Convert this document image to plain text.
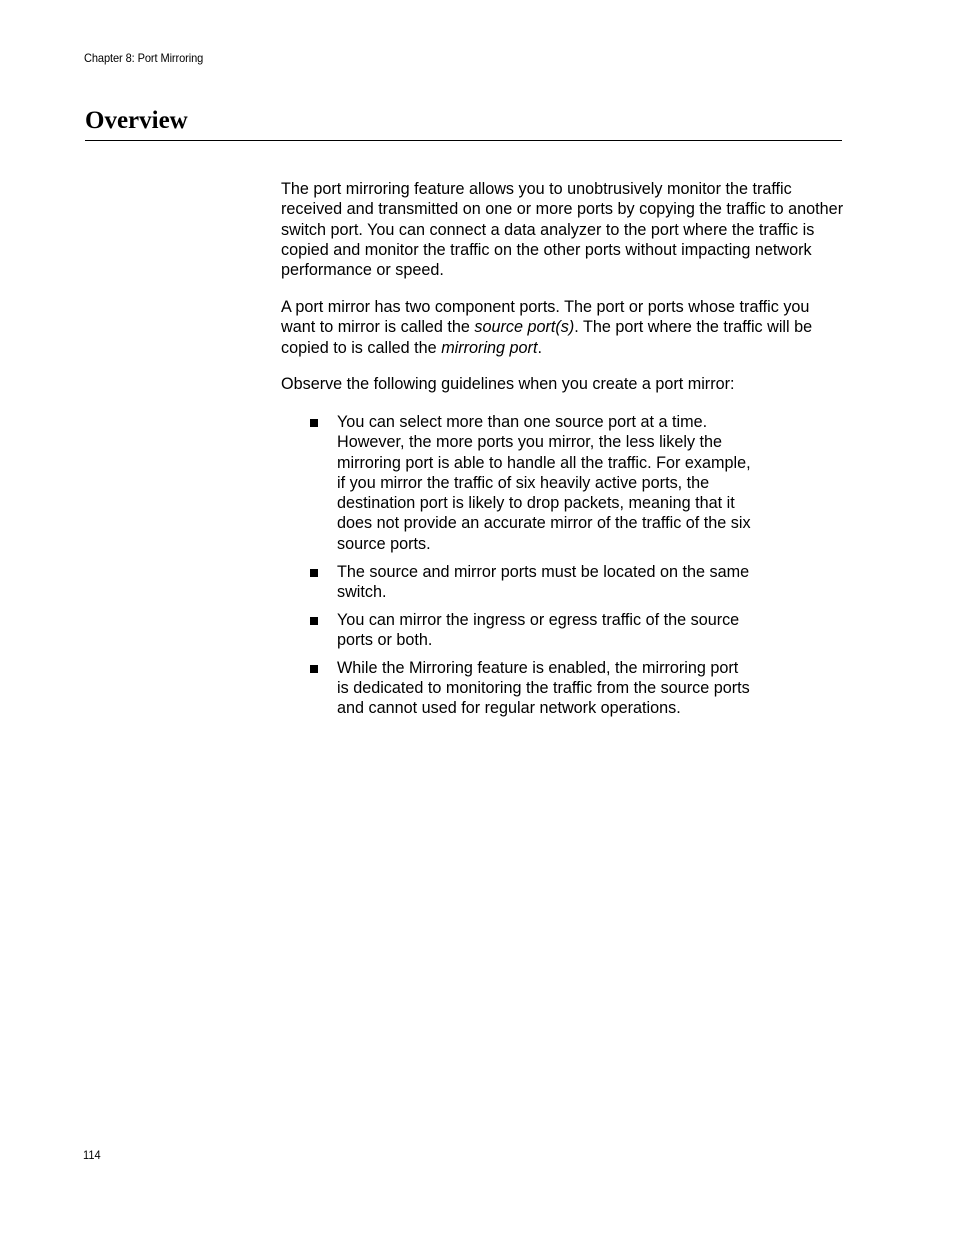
Chapter 8: Port Mirroring
Overview

The port mirroring feature allows you to unobtrusively monitor the traffic received and transmitted on one or more ports by copying the traffic to another switch port. You can connect a data analyzer to the port where the traffic is copied and monitor the traffic on the other ports without impacting network performance or speed.

A port mirror has two component ports. The port or ports whose traffic you want to mirror is called the source port(s). The port where the traffic will be copied to is called the mirroring port.

Observe the following guidelines when you create a port mirror:

You can select more than one source port at a time. However, the more ports you mirror, the less likely the mirroring port is able to handle all the traffic. For example, if you mirror the traffic of six heavily active ports, the destination port is likely to drop packets, meaning that it does not provide an accurate mirror of the traffic of the six source ports.
The source and mirror ports must be located on the same switch.
You can mirror the ingress or egress traffic of the source ports or both.
While the Mirroring feature is enabled, the mirroring port is dedicated to monitoring the traffic from the source ports and cannot used for regular network operations.
114
